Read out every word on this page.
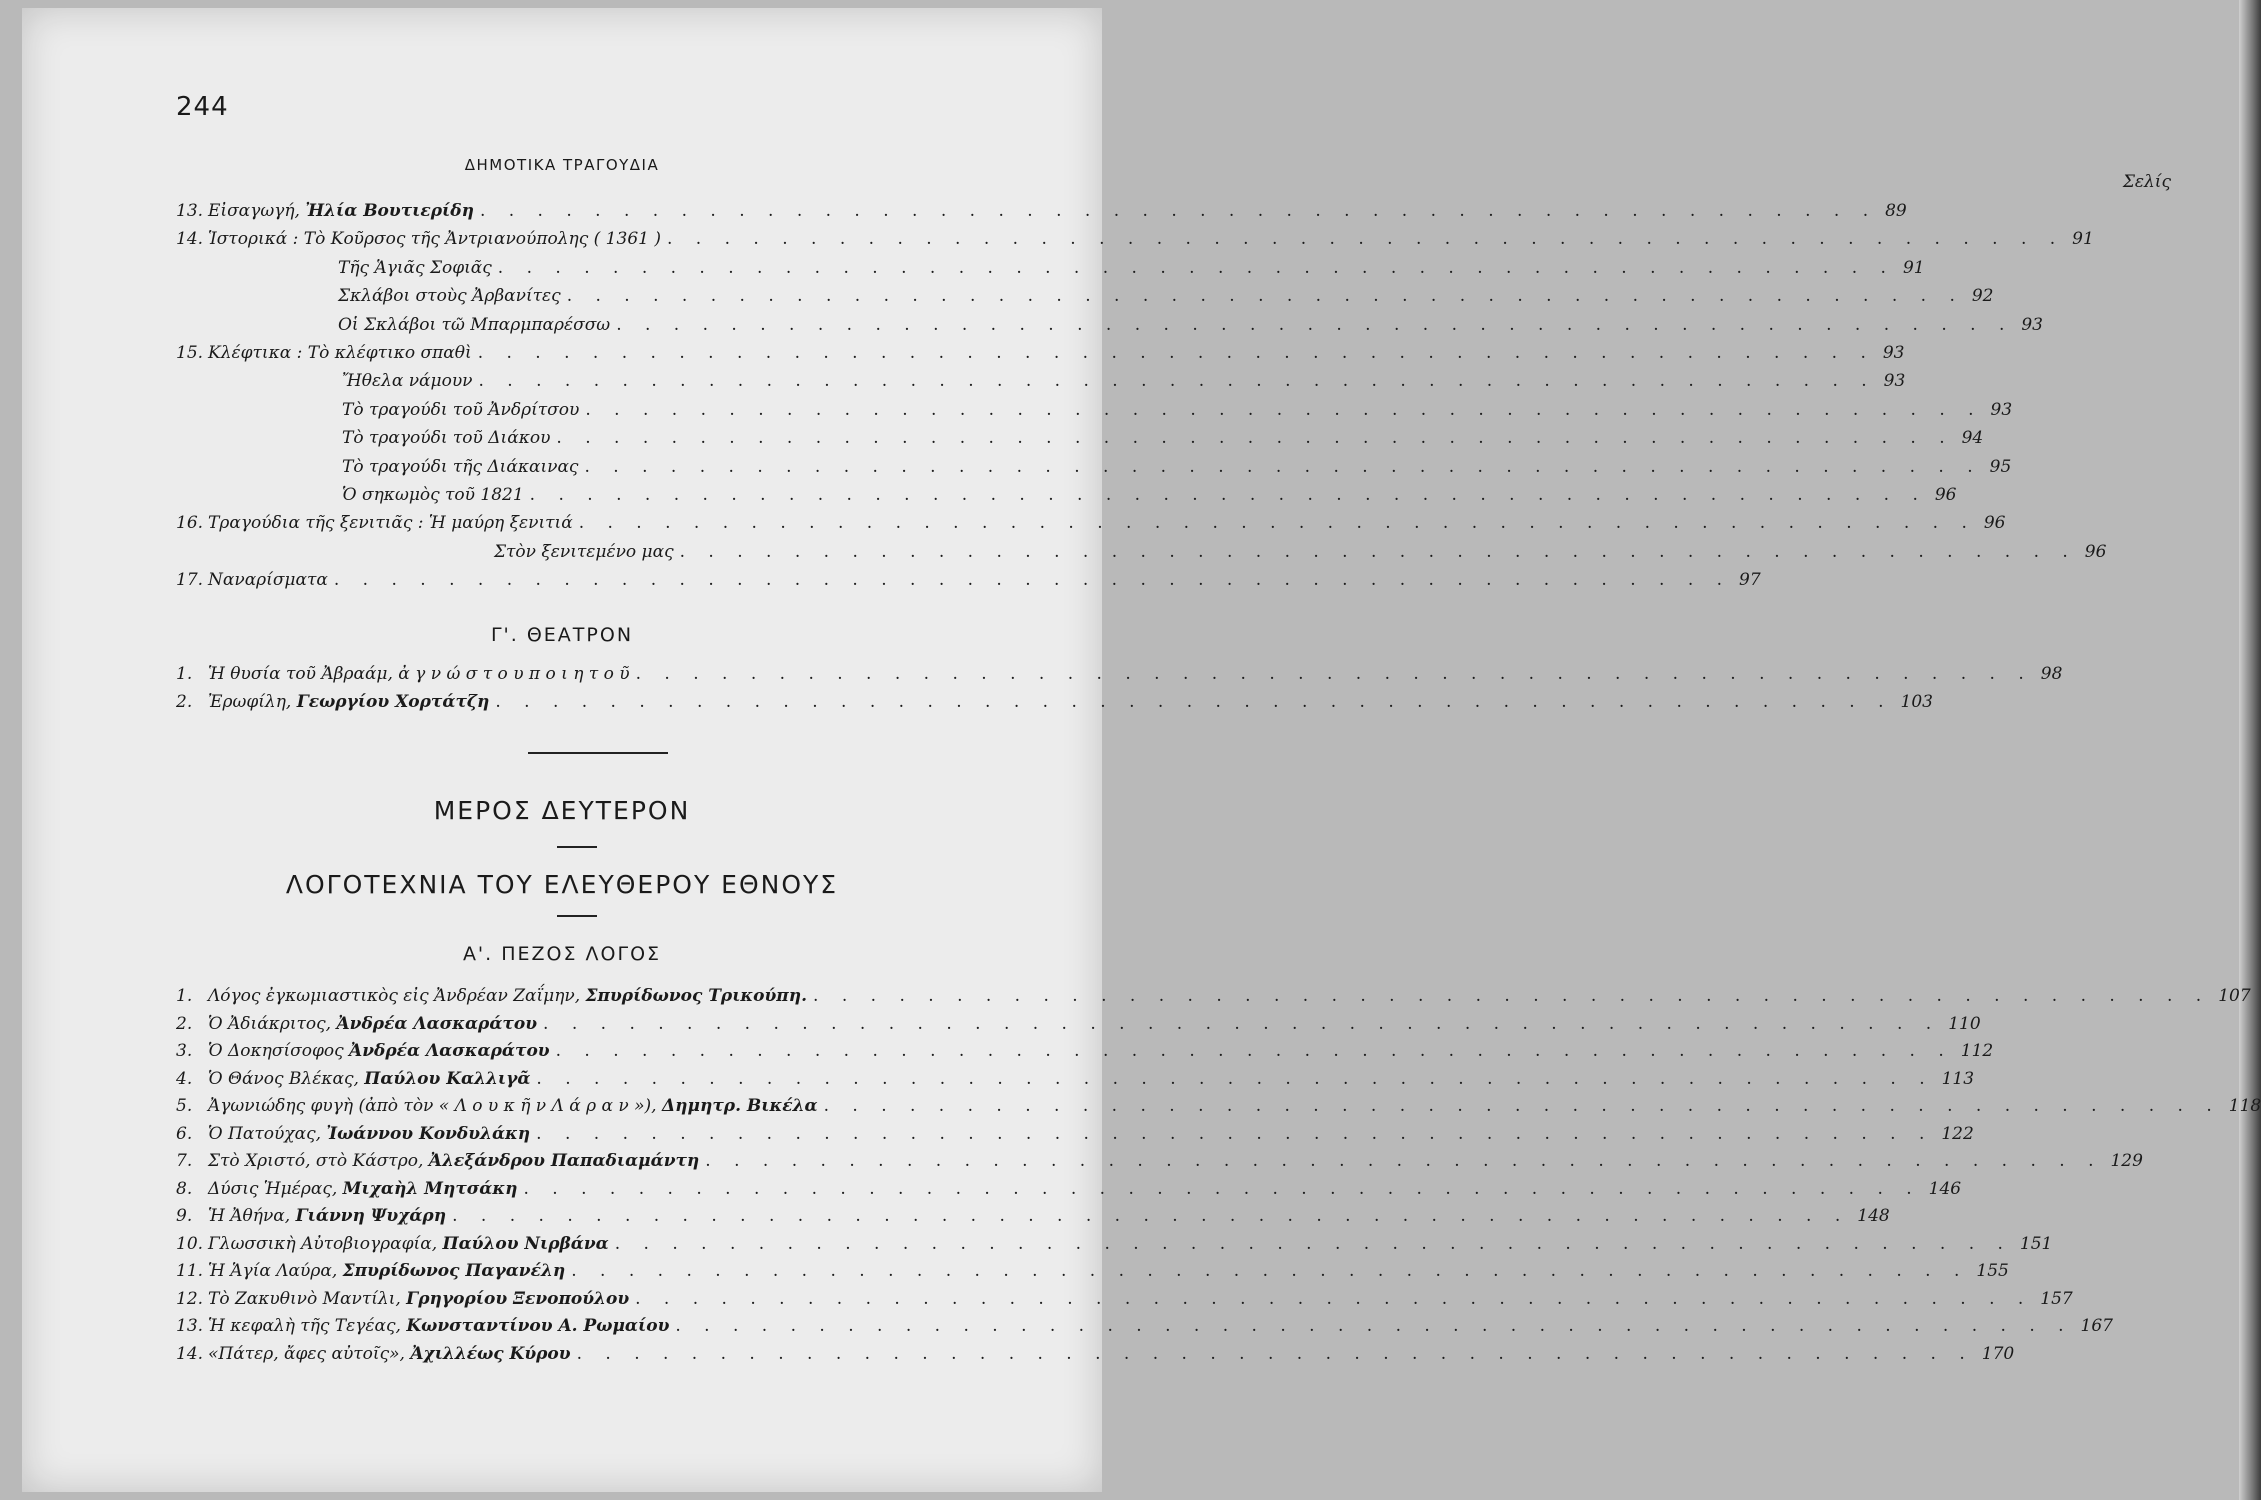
244
ΔΗΜΟΤΙΚΑ ΤΡΑΓΟΥΔΙΑ
Σελίς
13. Εἰσαγωγή, Ἠλία Βουτιερίδη . . . . . . . . . . . . . . . . . . . . . . . . . . . . . . . . . . . . . . . . . . . . . . . . . 89
14. Ἱστορικά : Τὸ Κοῦρσος τῆς Ἀντριανούπολης ( 1361 ) . . . . . . . . . . . . . . . . . . . . . . . . . . . . . . . . . . . . . . . . . . . . . . . . . 91
Τῆς Ἁγιᾶς Σοφιᾶς . . . . . . . . . . . . . . . . . . . . . . . . . . . . . . . . . . . . . . . . . . . . . . . . . 91
Σκλάβοι στοὺς Ἀρβανίτες . . . . . . . . . . . . . . . . . . . . . . . . . . . . . . . . . . . . . . . . . . . . . . . . . 92
Οἱ Σκλάβοι τῶ Μπαρμπαρέσσω . . . . . . . . . . . . . . . . . . . . . . . . . . . . . . . . . . . . . . . . . . . . . . . . . 93
15. Κλέφτικα : Τὸ κλέφτικο σπαθὶ . . . . . . . . . . . . . . . . . . . . . . . . . . . . . . . . . . . . . . . . . . . . . . . . . 93
Ἤθελα νάμουν . . . . . . . . . . . . . . . . . . . . . . . . . . . . . . . . . . . . . . . . . . . . . . . . . 93
Τὸ τραγούδι τοῦ Ἀνδρίτσου . . . . . . . . . . . . . . . . . . . . . . . . . . . . . . . . . . . . . . . . . . . . . . . . . 93
Τὸ τραγούδι τοῦ Διάκου . . . . . . . . . . . . . . . . . . . . . . . . . . . . . . . . . . . . . . . . . . . . . . . . . 94
Τὸ τραγούδι τῆς Διάκαινας . . . . . . . . . . . . . . . . . . . . . . . . . . . . . . . . . . . . . . . . . . . . . . . . . 95
Ὁ σηκωμὸς τοῦ 1821 . . . . . . . . . . . . . . . . . . . . . . . . . . . . . . . . . . . . . . . . . . . . . . . . . 96
16. Τραγούδια τῆς ξενιτιᾶς : Ἡ μαύρη ξενιτιά . . . . . . . . . . . . . . . . . . . . . . . . . . . . . . . . . . . . . . . . . . . . . . . . . 96
Στὸν ξενιτεμένο μας . . . . . . . . . . . . . . . . . . . . . . . . . . . . . . . . . . . . . . . . . . . . . . . . . 96
17. Ναναρίσματα . . . . . . . . . . . . . . . . . . . . . . . . . . . . . . . . . . . . . . . . . . . . . . . . . 97
Γ'. ΘΕΑΤΡΟΝ
1. Ἡ θυσία τοῦ Ἀβραάμ, ἀ γ ν ώ σ τ ο υ π ο ι η τ ο ῦ . . . . . . . . . . . . . . . . . . . . . . . . . . . . . . . . . . . . . . . . . . . . . . . . . 98
2. Ἐρωφίλη, Γεωργίου Χορτάτζη . . . . . . . . . . . . . . . . . . . . . . . . . . . . . . . . . . . . . . . . . . . . . . . . . 103
ΜΕΡΟΣ ΔΕΥΤΕΡΟΝ
ΛΟΓΟΤΕΧΝΙΑ ΤΟΥ ΕΛΕΥΘΕΡΟΥ ΕΘΝΟΥΣ
Α'. ΠΕΖΟΣ ΛΟΓΟΣ
1. Λόγος ἐγκωμιαστικὸς εἰς Ἀνδρέαν Ζαΐμην, Σπυρίδωνος Τρικούπη. . . . . . . . . . . . . . . . . . . . . . . . . . . . . . . . . . . . . . . . . . . . . . . . . . 107
2. Ὁ Ἀδιάκριτος, Ἀνδρέα Λασκαράτου . . . . . . . . . . . . . . . . . . . . . . . . . . . . . . . . . . . . . . . . . . . . . . . . . 110
3. Ὁ Δοκησίσοφος Ἀνδρέα Λασκαράτου . . . . . . . . . . . . . . . . . . . . . . . . . . . . . . . . . . . . . . . . . . . . . . . . . 112
4. Ὁ Θάνος Βλέκας, Παύλου Καλλιγᾶ . . . . . . . . . . . . . . . . . . . . . . . . . . . . . . . . . . . . . . . . . . . . . . . . . 113
5. Ἀγωνιώδης φυγὴ (ἀπὸ τὸν « Λ ο υ κ ῆ ν Λ ά ρ α ν »), Δημητρ. Βικέλα . . . . . . . . . . . . . . . . . . . . . . . . . . . . . . . . . . . . . . . . . . . . . . . . . 118
6. Ὁ Πατούχας, Ἰωάννου Κονδυλάκη . . . . . . . . . . . . . . . . . . . . . . . . . . . . . . . . . . . . . . . . . . . . . . . . . 122
7. Στὸ Χριστό, στὸ Κάστρο, Ἀλεξάνδρου Παπαδιαμάντη . . . . . . . . . . . . . . . . . . . . . . . . . . . . . . . . . . . . . . . . . . . . . . . . . 129
8. Δύσις Ἡμέρας, Μιχαὴλ Μητσάκη . . . . . . . . . . . . . . . . . . . . . . . . . . . . . . . . . . . . . . . . . . . . . . . . . 146
9. Ἡ Ἀθήνα, Γιάννη Ψυχάρη . . . . . . . . . . . . . . . . . . . . . . . . . . . . . . . . . . . . . . . . . . . . . . . . . 148
10. Γλωσσικὴ Αὐτοβιογραφία, Παύλου Νιρβάνα . . . . . . . . . . . . . . . . . . . . . . . . . . . . . . . . . . . . . . . . . . . . . . . . . 151
11. Ἡ Ἁγία Λαύρα, Σπυρίδωνος Παγανέλη . . . . . . . . . . . . . . . . . . . . . . . . . . . . . . . . . . . . . . . . . . . . . . . . . 155
12. Τὸ Ζακυθινὸ Μαντίλι, Γρηγορίου Ξενοπούλου . . . . . . . . . . . . . . . . . . . . . . . . . . . . . . . . . . . . . . . . . . . . . . . . . 157
13. Ἡ κεφαλὴ τῆς Τεγέας, Κωνσταντίνου Α. Ρωμαίου . . . . . . . . . . . . . . . . . . . . . . . . . . . . . . . . . . . . . . . . . . . . . . . . . 167
14. «Πάτερ, ἄφες αὐτοῖς», Ἀχιλλέως Κύρου . . . . . . . . . . . . . . . . . . . . . . . . . . . . . . . . . . . . . . . . . . . . . . . . . 170
